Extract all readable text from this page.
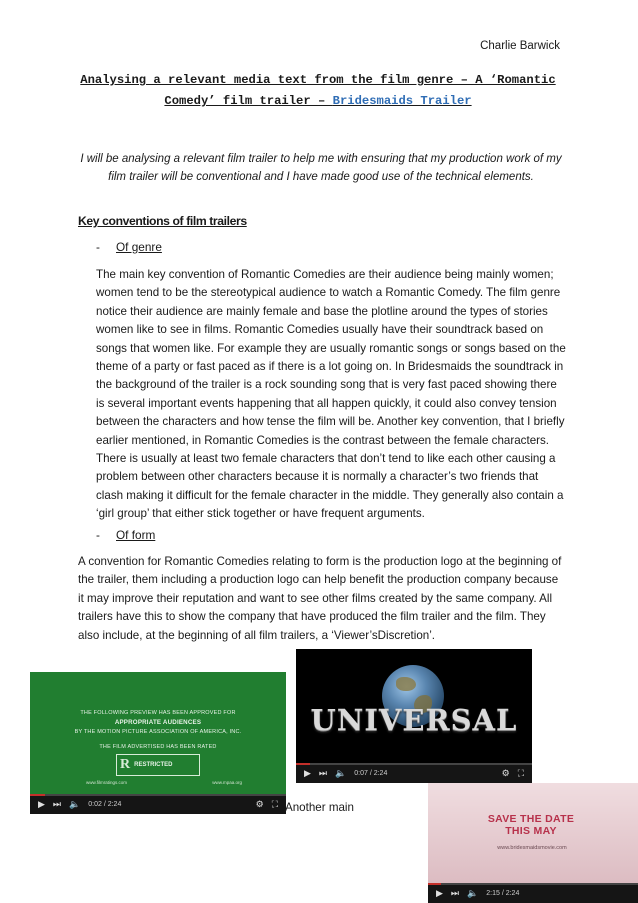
Charlie Barwick
Analysing a relevant media text from the film genre – A ‘Romantic
Comedy’ film trailer – Bridesmaids Trailer
I will be analysing a relevant film trailer to help me with ensuring that my production work of my film trailer will be conventional and I have made good use of the technical elements.
Key conventions of film trailers
- Of genre

The main key convention of Romantic Comedies are their audience being mainly women; women tend to be the stereotypical audience to watch a Romantic Comedy. The film genre notice their audience are mainly female and base the plotline around the types of stories women like to see in films. Romantic Comedies usually have their soundtrack based on songs that women like. For example they are usually romantic songs or songs based on the theme of a party or fast paced as if there is a lot going on. In Bridesmaids the soundtrack in the background of the trailer is a rock sounding song that is very fast paced showing there is several important events happening that all happen quickly, it could also convey tension between the characters and how tense the film will be. Another key convention, that I briefly earlier mentioned, in Romantic Comedies is the contrast between the female characters. There is usually at least two female characters that don’t tend to like each other causing a problem between other characters because it is normally a character’s two friends that clash making it difficult for the female character in the middle. They generally also contain a ‘girl group’ that either stick together or have frequent arguments.

- Of form

A convention for Romantic Comedies relating to form is the production logo at the beginning of the trailer, them including a production logo can help benefit the production company because it may improve their reputation and want to see other films created by the same company. All trailers have this to show the company that have produced the film trailer and the film. They also include, at the beginning of all film trailers, a ‘Viewer’sDiscretion’.

THE FOLLOWING PREVIEW HAS BEEN APPROVED FOR
APPROPRIATE AUDIENCES
BY THE MOTION PICTURE ASSOCIATION OF AMERICA, INC.
THE FILM ADVERTISED HAS BEEN RATED
R RESTRICTED
www.filmratings.com	www.mpaa.org
▶ ⏭ 🔈 0:02 / 2:24	⚙ ⛶
UNIVERSAL
▶ ⏭ 🔈 0:07 / 2:24	⚙ ⛶
Another main
SAVE THE DATE THIS MAY
www.bridesmaidsmovie.com
▶ ⏭ 🔈 2:15 / 2:24
